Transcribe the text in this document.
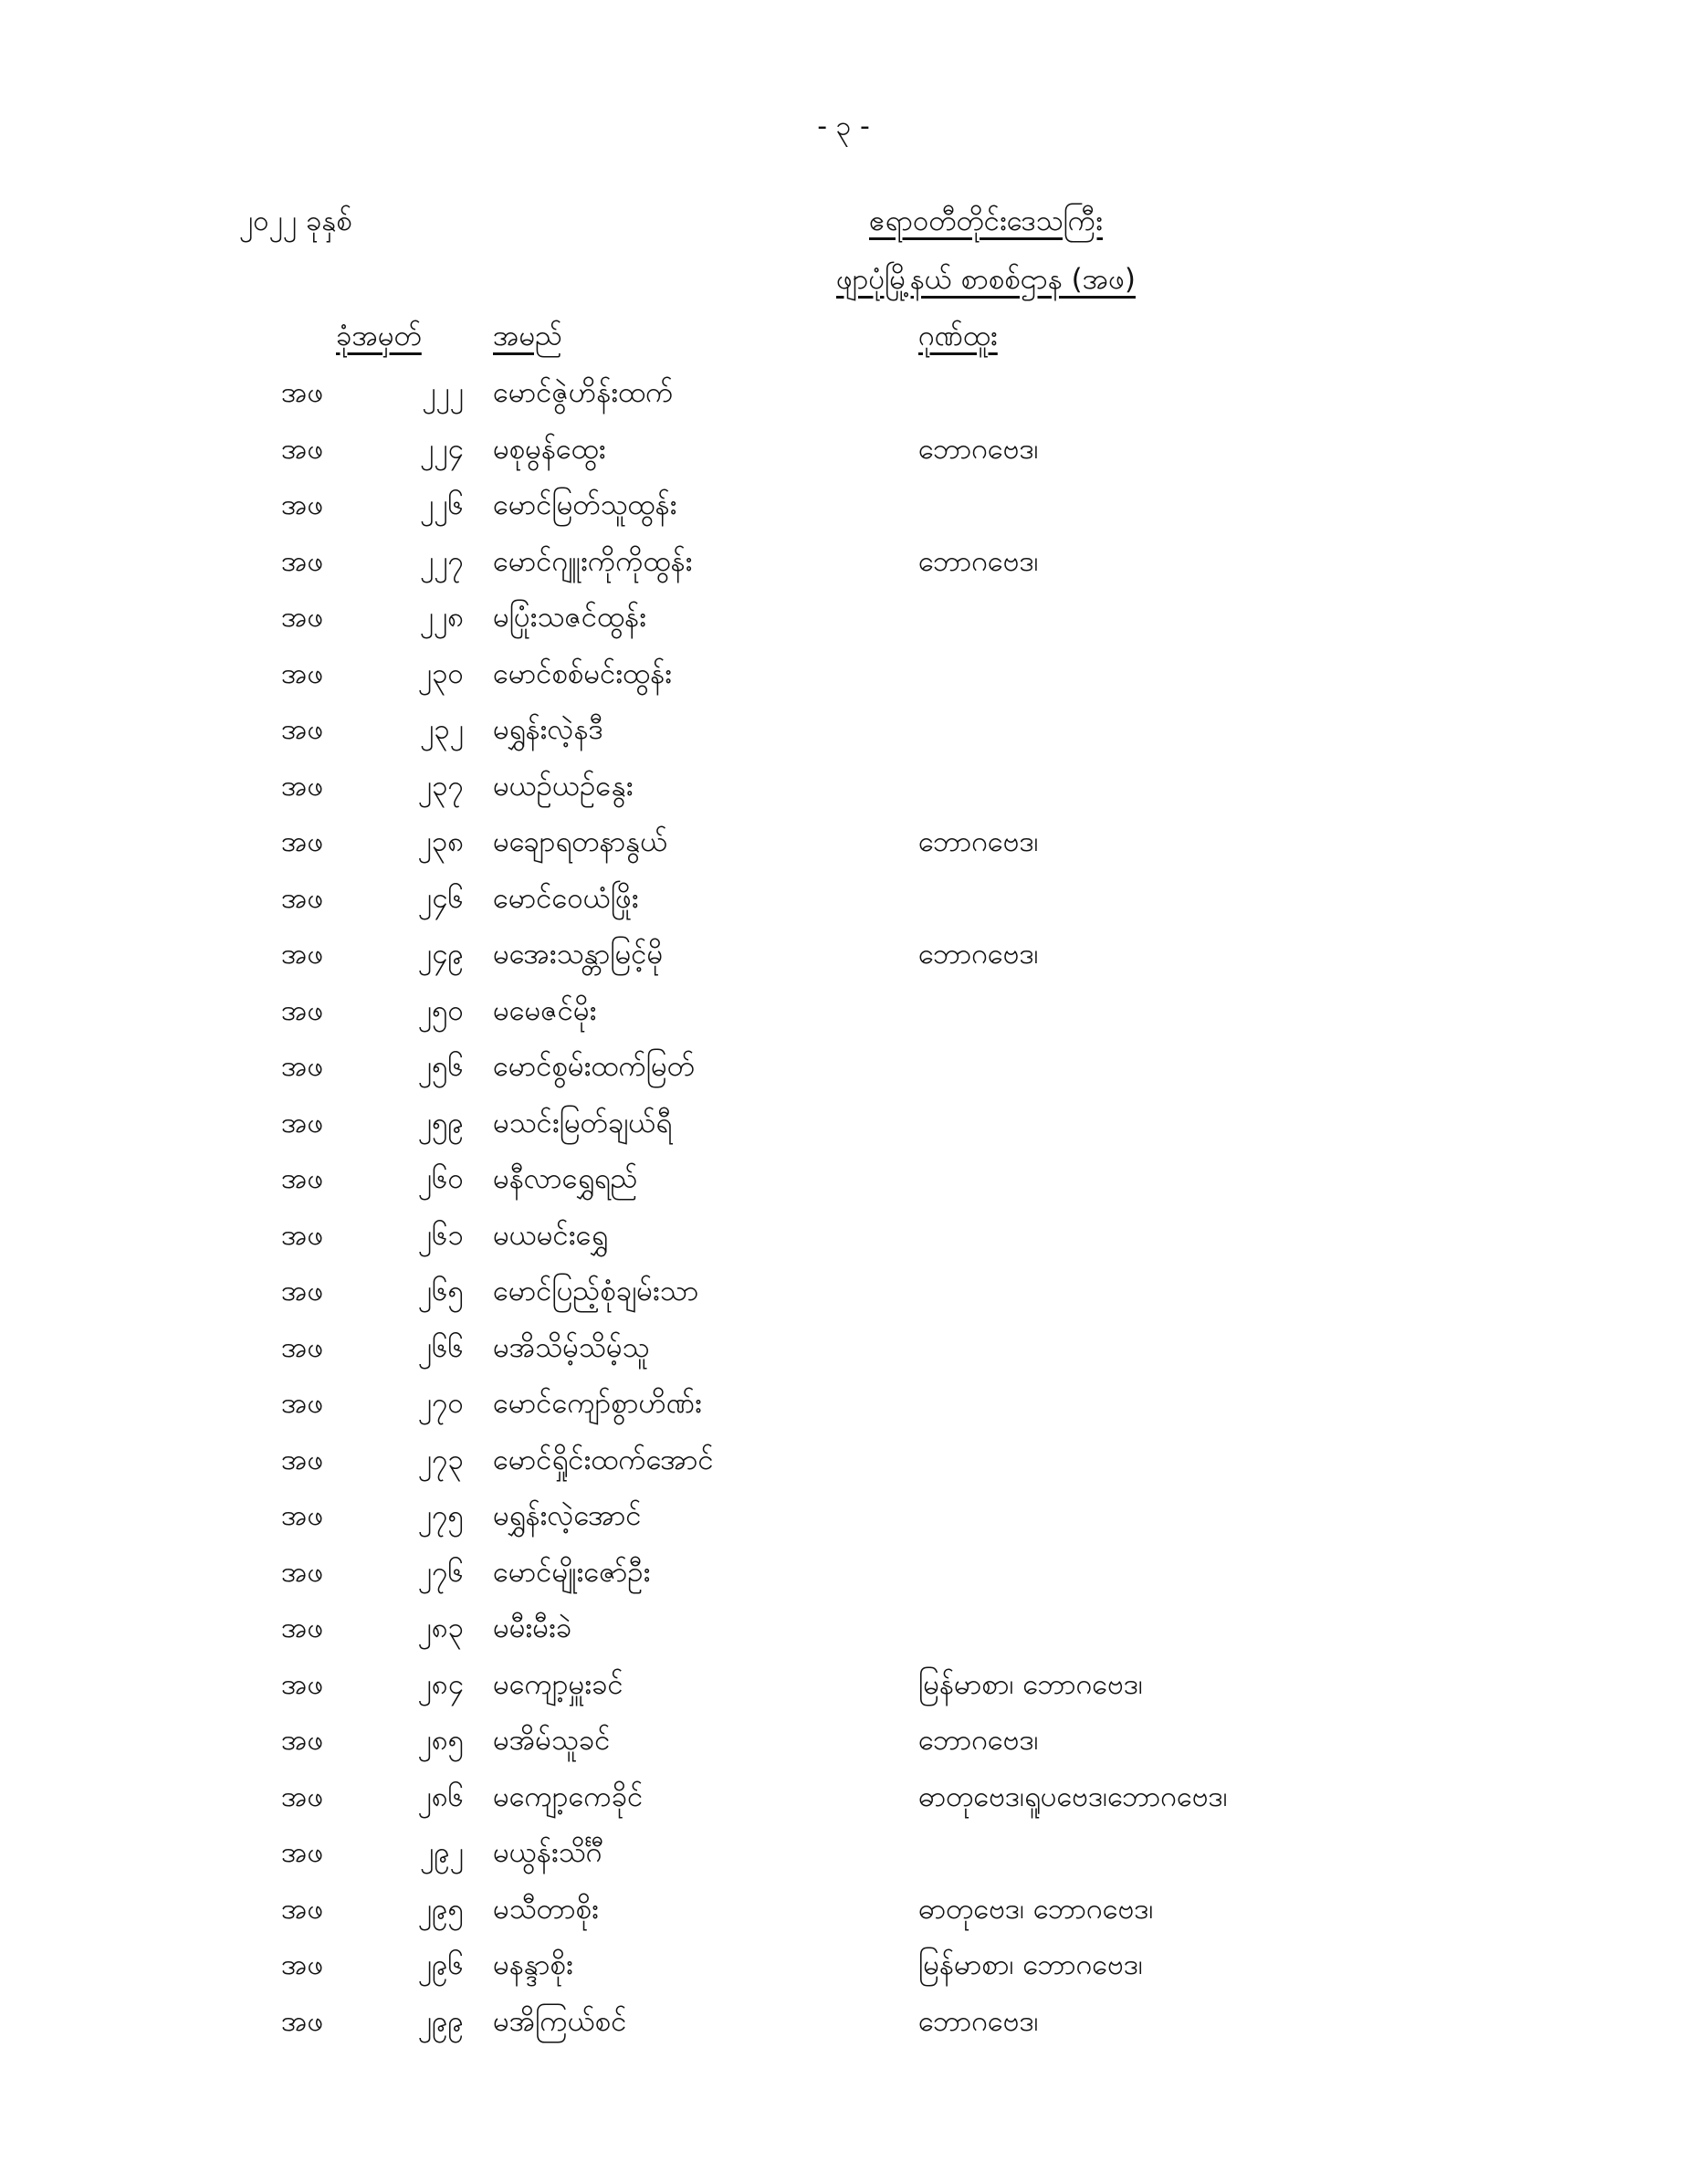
- ၃ -
၂၀၂၂ ခုနှစ်	ဧရာဝတီတိုင်းဒေသကြီး
ဖျာပုံမြို့နယ် စာစစ်ဌာန (အဖ)
ခုံအမှတ်	အမည်	ဂုဏ်ထူး
အဖ	၂၂၂ မောင်ဇွဲဟိန်းထက်
အဖ	၂၂၄ မစုမွန်ထွေး	ဘောဂဗေဒ၊
အဖ	၂၂၆ မောင်မြတ်သူထွန်း
အဖ	၂၂၇ မောင်ဂျူးကိုကိုထွန်း	ဘောဂဗေဒ၊
အဖ	၂၂၈ မပြုံးသဇင်ထွန်း
အဖ	၂၃၀ မောင်စစ်မင်းထွန်း
အဖ	၂၃၂ မရွှန်းလဲ့နဒီ
အဖ	၂၃၇ မယဉ်ယဉ်နွေး
အဖ	၂၃၈ မချောရတနာနွယ်	ဘောဂဗေဒ၊
အဖ	၂၄၆ မောင်ဝေယံဖြိုး
အဖ	၂၄၉ မအေးသန္တာမြင့်မို	ဘောဂဗေဒ၊
အဖ	၂၅၀ မမေဇင်မိုး
အဖ	၂၅၆ မောင်စွမ်းထက်မြတ်
အဖ	၂၅၉ မသင်းမြတ်ချယ်ရီ
အဖ	၂၆၀ မနီလာရွှေရည်
အဖ	၂၆၁ မယမင်းရွှေ
အဖ	၂၆၅ မောင်ပြည့်စုံချမ်းသာ
အဖ	၂၆၆ မအိသိမ့်သိမ့်သူ
အဖ	၂၇၀ မောင်ကျော်စွာဟိဏ်း
အဖ	၂၇၃ မောင်ရှိုင်းထက်အောင်
အဖ	၂၇၅ မရွှန်းလဲ့အောင်
အဖ	၂၇၆ မောင်မျိုးဇော်ဦး
အဖ	၂၈၃ မမီးမီးခဲ
အဖ	၂၈၄ မကျော့မှူးခင်	မြန်မာစာ၊ ဘောဂဗေဒ၊
အဖ	၂၈၅ မအိမ်သူခင်	ဘောဂဗေဒ၊
အဖ	၂၈၆ မကျော့ကေခိုင်	ဓာတုဗေဒ၊ရူပဗေဒ၊ဘောဂဗေဒ၊
အဖ	၂၉၂ မယွန်းသိင်္ဂီ
အဖ	၂၉၅ မသီတာစိုး	ဓာတုဗေဒ၊ ဘောဂဗေဒ၊
အဖ	၂၉၆ မနန္ဒာစိုး	မြန်မာစာ၊ ဘောဂဗေဒ၊
အဖ	၂၉၉ မအိကြယ်စင်	ဘောဂဗေဒ၊
